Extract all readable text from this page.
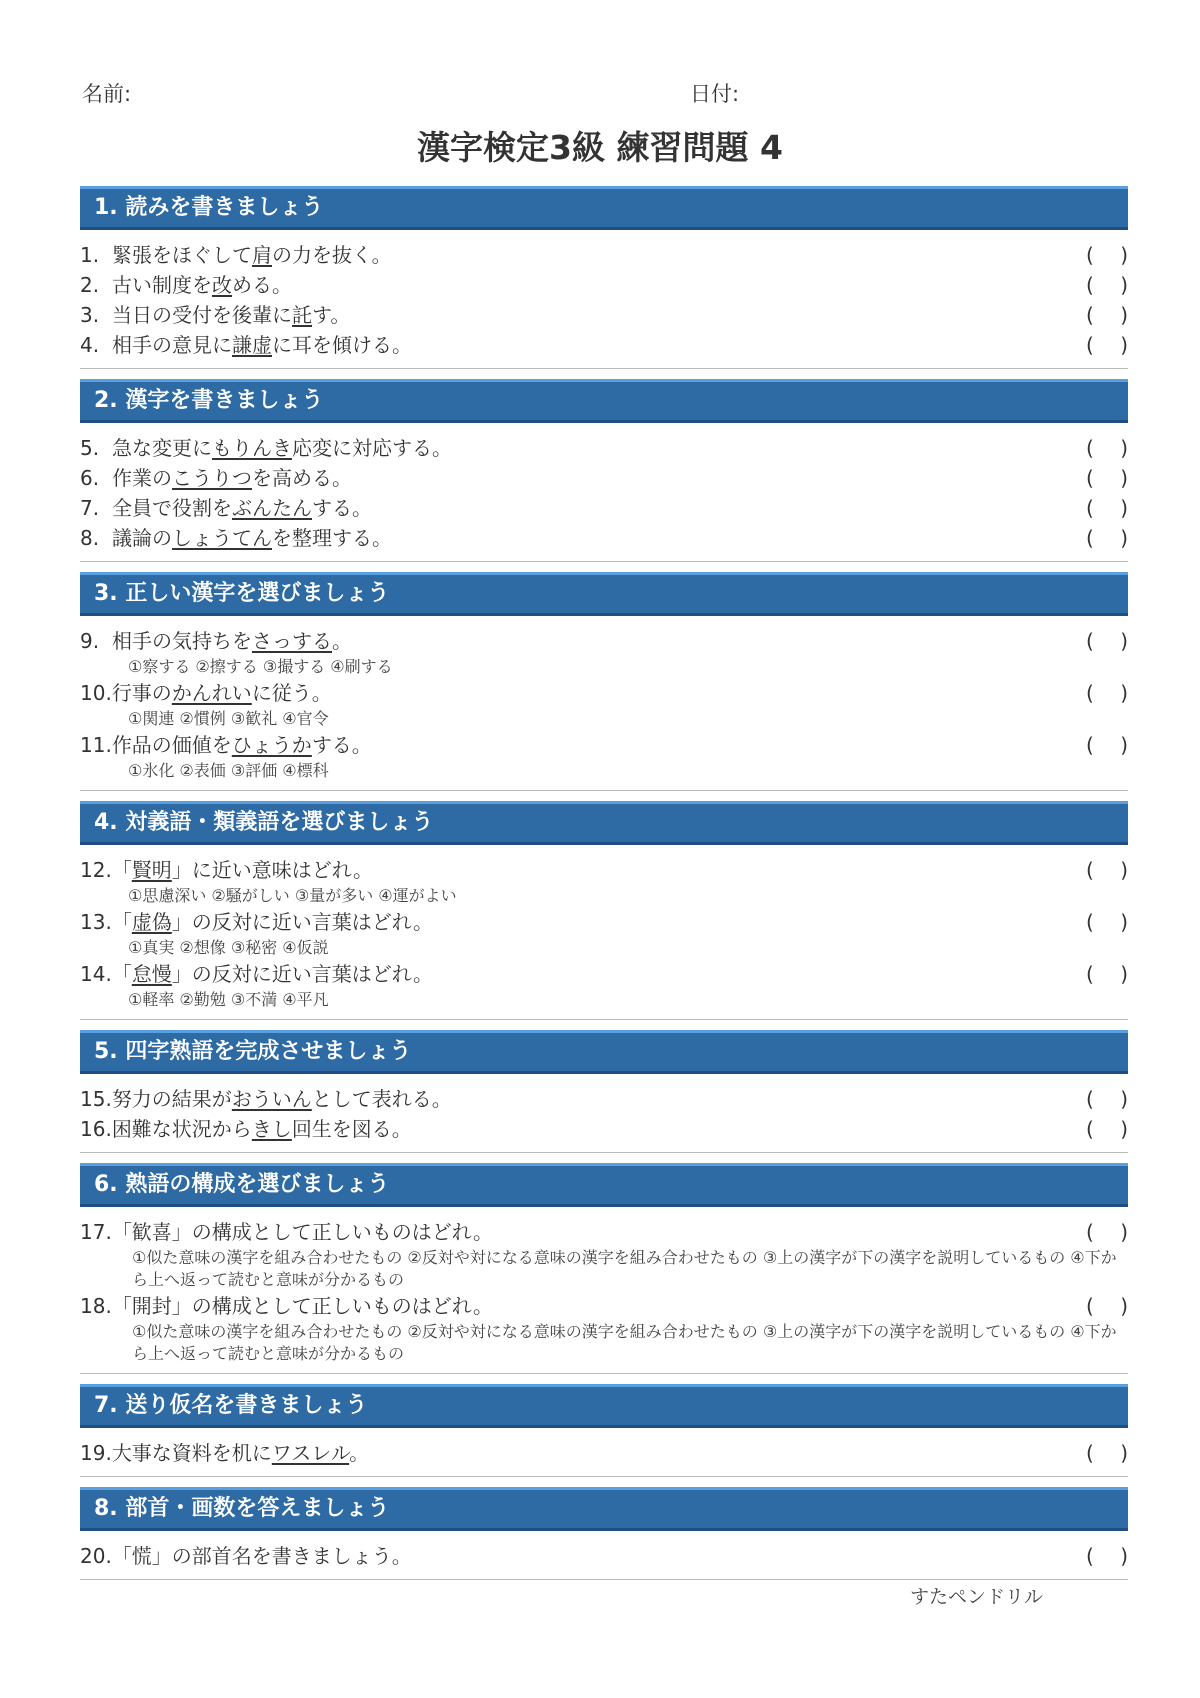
名前:	日付:
漢字検定3級 練習問題 4
1. 読みを書きましょう
1. 緊張をほぐして肩の力を抜く。	( )
2. 古い制度を改める。	( )
3. 当日の受付を後輩に託す。	( )
4. 相手の意見に謙虚に耳を傾ける。	( )
2. 漢字を書きましょう
5. 急な変更にもりんき応変に対応する。	( )
6. 作業のこうりつを高める。	( )
7. 全員で役割をぶんたんする。	( )
8. 議論のしょうてんを整理する。	( )
3. 正しい漢字を選びましょう
9. 相手の気持ちをさっする。	( )
①察する ②擦する ③撮する ④刷する
10.行事のかんれいに従う。	( )
①関連 ②慣例 ③歓礼 ④官令
11.作品の価値をひょうかする。	( )
①氷化 ②表価 ③評価 ④標科
4. 対義語・類義語を選びましょう
12.「賢明」に近い意味はどれ。	( )
①思慮深い ②騒がしい ③量が多い ④運がよい
13.「虚偽」の反対に近い言葉はどれ。	( )
①真実 ②想像 ③秘密 ④仮説
14.「怠慢」の反対に近い言葉はどれ。	( )
①軽率 ②勤勉 ③不満 ④平凡
5. 四字熟語を完成させましょう
15.努力の結果がおういんとして表れる。	( )
16.困難な状況からきし回生を図る。	( )
6. 熟語の構成を選びましょう
17.「歓喜」の構成として正しいものはどれ。	( )
①似た意味の漢字を組み合わせたもの ②反対や対になる意味の漢字を組み合わせたもの ③上の漢字が下の漢字を説明しているもの ④下から上へ返って読むと意味が分かるもの
18.「開封」の構成として正しいものはどれ。	( )
①似た意味の漢字を組み合わせたもの ②反対や対になる意味の漢字を組み合わせたもの ③上の漢字が下の漢字を説明しているもの ④下から上へ返って読むと意味が分かるもの
7. 送り仮名を書きましょう
19.大事な資料を机にワスレル。	( )
8. 部首・画数を答えましょう
20.「慌」の部首名を書きましょう。	( )
すたペンドリル
